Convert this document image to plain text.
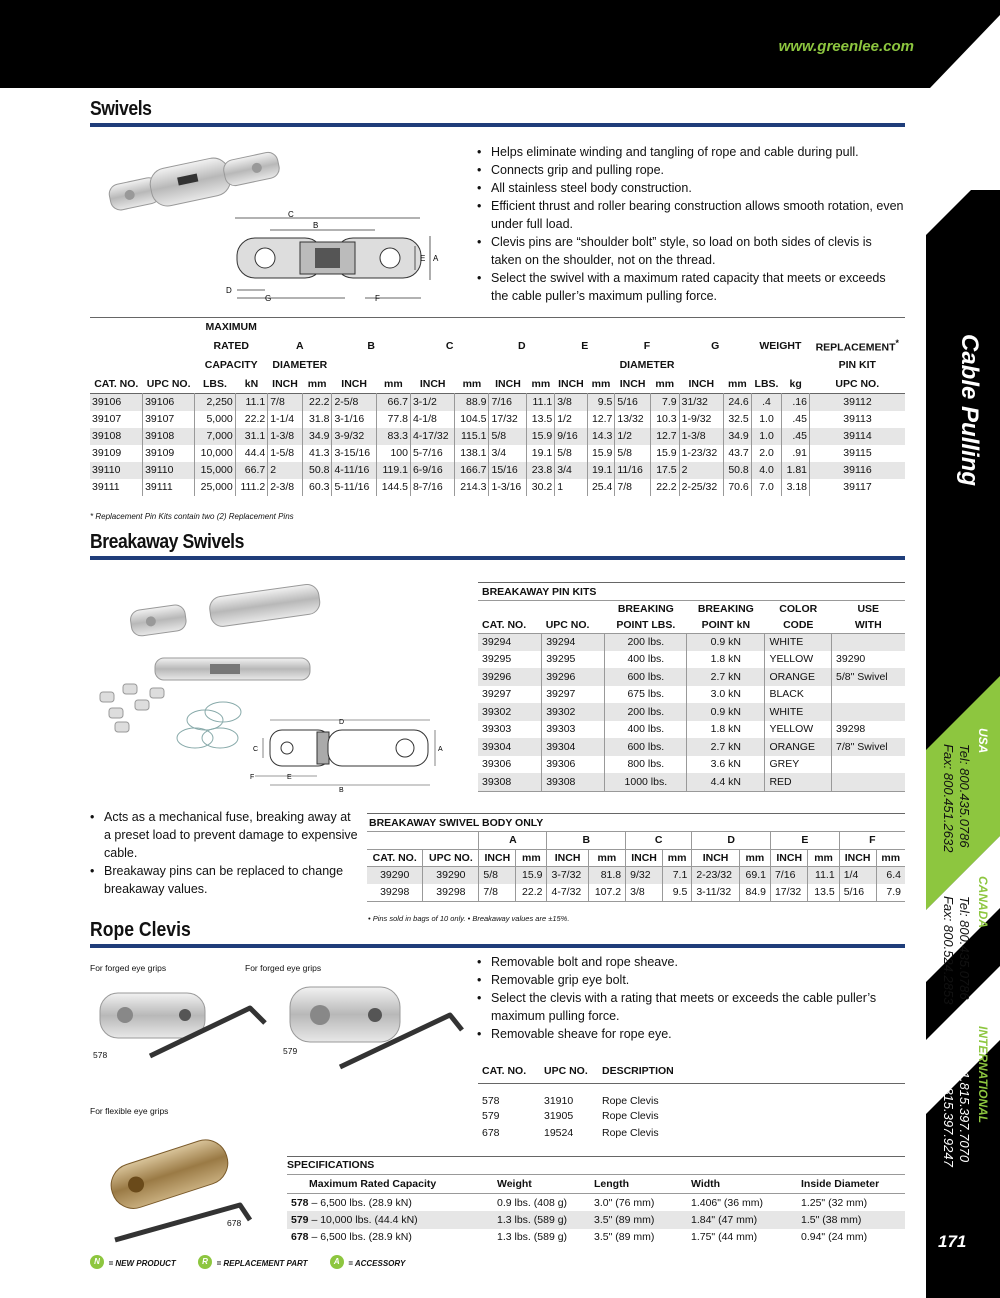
www.greenlee.com
Cable Pulling
USA
Tel: 800.435.0786
Fax: 800.451.2632
CANADA
Tel: 800.435.0786
Fax: 800.524.2853
INTERNATIONAL
Tel: +1.815.397.7070
Fax: +1.815.397.9247
171
Swivels
C
B
E A
D
G	F
• Helps eliminate winding and tangling of rope and cable during pull.
• Connects grip and pulling rope.
• All stainless steel body construction.
• Efficient thrust and roller bearing construction allows smooth rotation, even under full load.
• Clevis pins are “shoulder bolt” style, so load on both sides of clevis is taken on the shoulder, not on the thread.
• Select the swivel with a maximum rated capacity that meets or exceeds the cable puller’s maximum pulling force.
		MAXIMUM																		
		RATED		A		B		C		D		E		F		G		WEIGHT		REPLACEMENT*
		CAPACITY		DIAMETER										DIAMETER						PIN KIT
CAT. NO.	UPC NO.	LBS.	kN	INCH	mm	INCH	mm	INCH	mm	INCH	mm	INCH	mm	INCH	mm	INCH	mm	LBS.	kg	UPC NO.
39106	39106	2,250	11.1	7/8	22.2	2-5/8	66.7	3-1/2	88.9	7/16	11.1	3/8	9.5	5/16	7.9	31/32	24.6	.4	.16	39112
39107	39107	5,000	22.2	1-1/4	31.8	3-1/16	77.8	4-1/8	104.5	17/32	13.5	1/2	12.7	13/32	10.3	1-9/32	32.5	1.0	.45	39113
39108	39108	7,000	31.1	1-3/8	34.9	3-9/32	83.3	4-17/32	115.1	5/8	15.9	9/16	14.3	1/2	12.7	1-3/8	34.9	1.0	.45	39114
39109	39109	10,000	44.4	1-5/8	41.3	3-15/16	100	5-7/16	138.1	3/4	19.1	5/8	15.9	5/8	15.9	1-23/32	43.7	2.0	.91	39115
39110	39110	15,000	66.7	2	50.8	4-11/16	119.1	6-9/16	166.7	15/16	23.8	3/4	19.1	11/16	17.5	2	50.8	4.0	1.81	39116
39111	39111	25,000	111.2	2-3/8	60.3	5-11/16	144.5	8-7/16	214.3	1-3/16	30.2	1	25.4	7/8	22.2	2-25/32	70.6	7.0	3.18	39117
* Replacement Pin Kits contain two (2) Replacement Pins
Breakaway Swivels
D
C	A
F	E
B
• Acts as a mechanical fuse, breaking away at a preset load to prevent damage to expensive cable.
• Breakaway pins can be replaced to change breakaway values.
BREAKAWAY PIN KITS
		BREAKING	BREAKING	COLOR	USE
CAT. NO.	UPC NO.	POINT LBS.	POINT kN	CODE	WITH
39294	39294	200 lbs.	0.9 kN	WHITE	
39295	39295	400 lbs.	1.8 kN	YELLOW	39290
39296	39296	600 lbs.	2.7 kN	ORANGE	5/8" Swivel
39297	39297	675 lbs.	3.0 kN	BLACK	
39302	39302	200 lbs.	0.9 kN	WHITE	
39303	39303	400 lbs.	1.8 kN	YELLOW	39298
39304	39304	600 lbs.	2.7 kN	ORANGE	7/8" Swivel
39306	39306	800 lbs.	3.6 kN	GREY	
39308	39308	1000 lbs.	4.4 kN	RED	
BREAKAWAY SWIVEL BODY ONLY
		A		B		C		D		E		F	
CAT. NO.	UPC NO.	INCH	mm	INCH	mm	INCH	mm	INCH	mm	INCH	mm	INCH	mm
39290	39290	5/8	15.9	3-7/32	81.8	9/32	7.1	2-23/32	69.1	7/16	11.1	1/4	6.4
39298	39298	7/8	22.2	4-7/32	107.2	3/8	9.5	3-11/32	84.9	17/32	13.5	5/16	7.9
• Pins sold in bags of 10 only. • Breakaway values are ±15%.
Rope Clevis
For forged eye grips	For forged eye grips
For flexible eye grips
578	579
678
• Removable bolt and rope sheave.
• Removable grip eye bolt.
• Select the clevis with a rating that meets or exceeds the cable puller’s maximum pulling force.
• Removable sheave for rope eye.
CAT. NO.	UPC NO.	DESCRIPTION
578	31910	Rope Clevis
579	31905	Rope Clevis
678	19524	Rope Clevis
SPECIFICATIONS
Maximum Rated Capacity	Weight	Length	Width	Inside Diameter
578 – 6,500 lbs. (28.9 kN)	0.9 lbs. (408 g)	3.0" (76 mm)	1.406" (36 mm)	1.25" (32 mm)
579 – 10,000 lbs. (44.4 kN)	1.3 lbs. (589 g)	3.5" (89 mm)	1.84" (47 mm)	1.5" (38 mm)
678 – 6,500 lbs. (28.9 kN)	1.3 lbs. (589 g)	3.5" (89 mm)	1.75" (44 mm)	0.94" (24 mm)
N = NEW PRODUCT	R = REPLACEMENT PART	A = ACCESSORY
